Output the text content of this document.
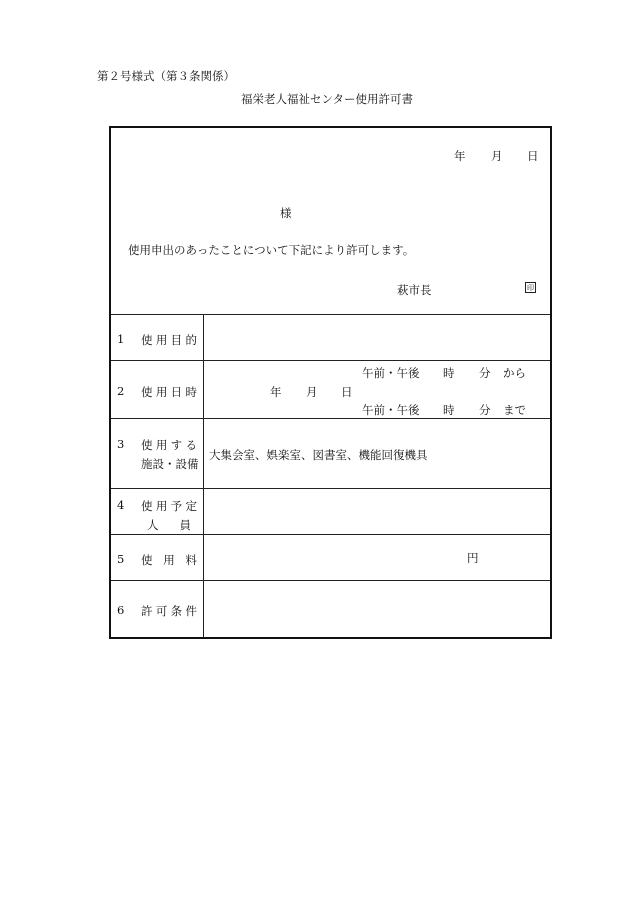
第２号様式（第３条関係）
福栄老人福祉センター使用許可書
年 月 日
様
使用申出のあったことについて下記により許可します。
萩市長	印
1 使 用 目 的
2 使 用 日 時	年 月 日
午前・午後 時 分 から
午前・午後 時 分 まで
3 使 用 す る
施設・設備
大集会室、娯楽室、図書室、機能回復機具
4 使 用 予 定
人 員
5 使 用 料	円
6 許 可 条 件
